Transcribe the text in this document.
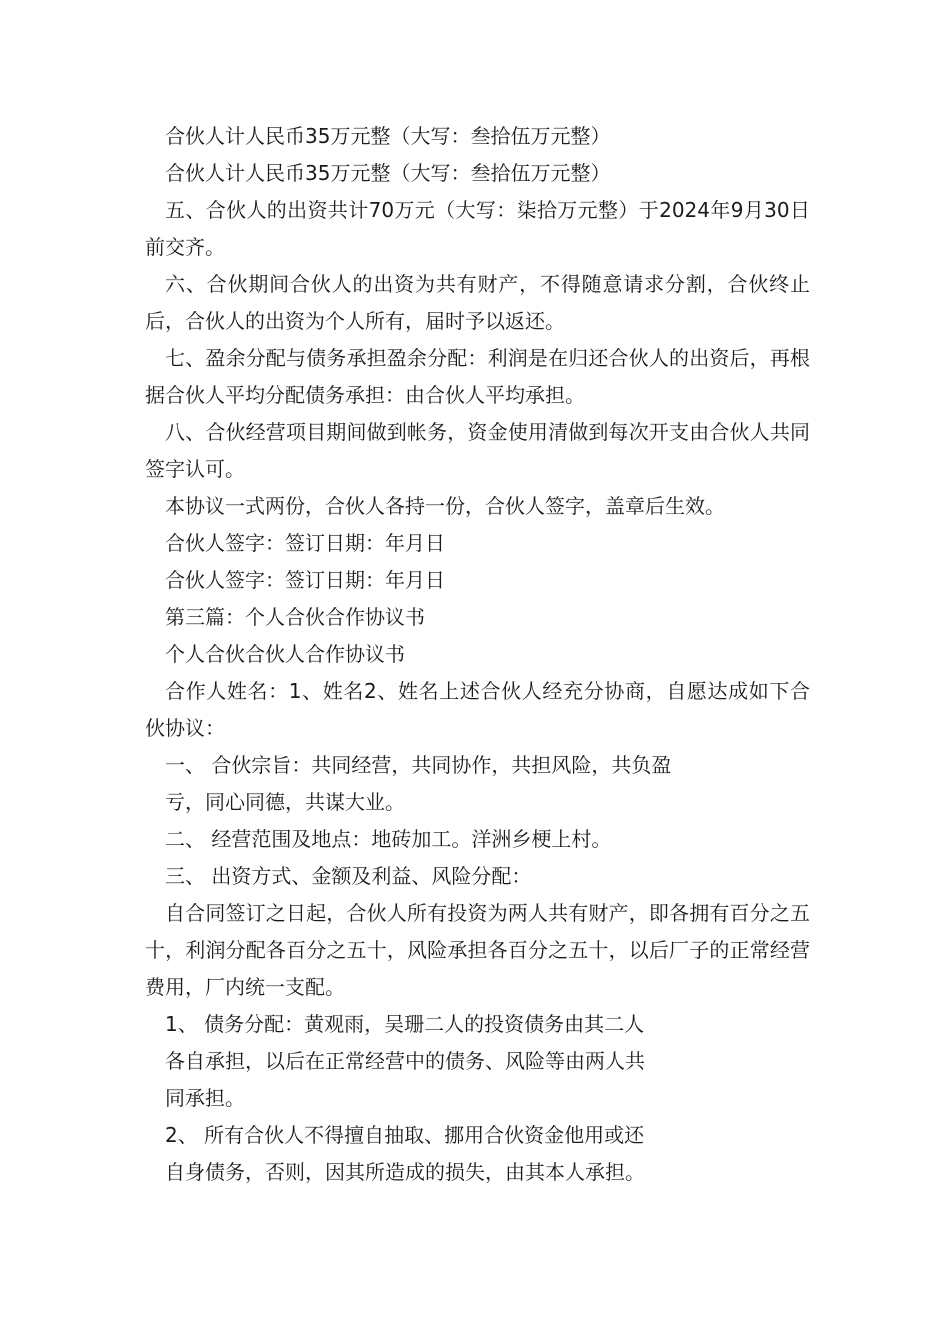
合伙人计人民币35万元整（大写：叁拾伍万元整）

合伙人计人民币35万元整（大写：叁拾伍万元整）

五、合伙人的出资共计70万元（大写：柒拾万元整）于2024年9月30日前交齐。

六、合伙期间合伙人的出资为共有财产，不得随意请求分割，合伙终止后，合伙人的出资为个人所有，届时予以返还。

七、盈余分配与债务承担盈余分配：利润是在归还合伙人的出资后，再根据合伙人平均分配债务承担：由合伙人平均承担。

八、合伙经营项目期间做到帐务，资金使用清做到每次开支由合伙人共同签字认可。

本协议一式两份，合伙人各持一份，合伙人签字，盖章后生效。

合伙人签字：签订日期：年月日

合伙人签字：签订日期：年月日

第三篇：个人合伙合作协议书

个人合伙合伙人合作协议书

合作人姓名：1、姓名2、姓名上述合伙人经充分协商，自愿达成如下合伙协议：

一、 合伙宗旨：共同经营，共同协作，共担风险，共负盈

亏，同心同德，共谋大业。

二、 经营范围及地点：地砖加工。洋洲乡梗上村。

三、 出资方式、金额及利益、风险分配：

自合同签订之日起，合伙人所有投资为两人共有财产，即各拥有百分之五十，利润分配各百分之五十，风险承担各百分之五十，以后厂子的正常经营费用，厂内统一支配。

1、 债务分配：黄观雨，吴珊二人的投资债务由其二人

各自承担，以后在正常经营中的债务、风险等由两人共

同承担。

2、 所有合伙人不得擅自抽取、挪用合伙资金他用或还

自身债务，否则，因其所造成的损失，由其本人承担。
